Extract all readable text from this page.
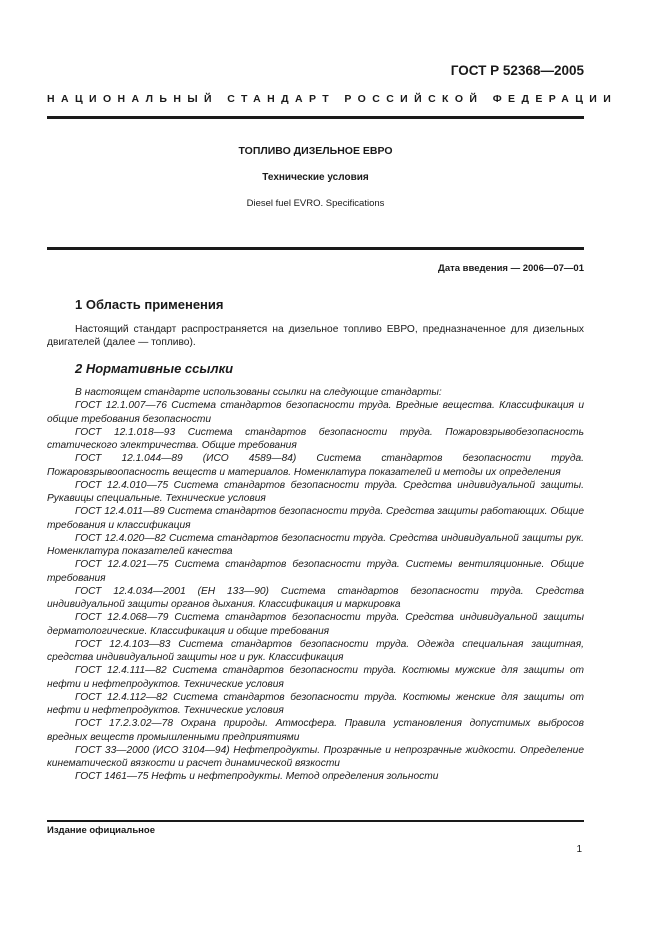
ГОСТ Р 52368—2005
НАЦИОНАЛЬНЫЙ СТАНДАРТ РОССИЙСКОЙ ФЕДЕРАЦИИ
ТОПЛИВО ДИЗЕЛЬНОЕ ЕВРО
Технические условия
Diesel fuel EVRO. Specifications
Дата введения — 2006—07—01
1 Область применения
Настоящий стандарт распространяется на дизельное топливо ЕВРО, предназначенное для дизельных двигателей (далее — топливо).
2 Нормативные ссылки

В настоящем стандарте использованы ссылки на следующие стандарты:

ГОСТ 12.1.007—76 Система стандартов безопасности труда. Вредные вещества. Классификация и общие требования безопасности

ГОСТ 12.1.018—93 Система стандартов безопасности труда. Пожаровзрывобезопасность статического электричества. Общие требования

ГОСТ 12.1.044—89 (ИСО 4589—84) Система стандартов безопасности труда. Пожаровзрывоопасность веществ и материалов. Номенклатура показателей и методы их определения

ГОСТ 12.4.010—75 Система стандартов безопасности труда. Средства индивидуальной защиты. Рукавицы специальные. Технические условия

ГОСТ 12.4.011—89 Система стандартов безопасности труда. Средства защиты работающих. Общие требования и классификация

ГОСТ 12.4.020—82 Система стандартов безопасности труда. Средства индивидуальной защиты рук. Номенклатура показателей качества

ГОСТ 12.4.021—75 Система стандартов безопасности труда. Системы вентиляционные. Общие требования

ГОСТ 12.4.034—2001 (ЕН 133—90) Система стандартов безопасности труда. Средства индивидуальной защиты органов дыхания. Классификация и маркировка

ГОСТ 12.4.068—79 Система стандартов безопасности труда. Средства индивидуальной защиты дерматологические. Классификация и общие требования

ГОСТ 12.4.103—83 Система стандартов безопасности труда. Одежда специальная защитная, средства индивидуальной защиты ног и рук. Классификация

ГОСТ 12.4.111—82 Система стандартов безопасности труда. Костюмы мужские для защиты от нефти и нефтепродуктов. Технические условия

ГОСТ 12.4.112—82 Система стандартов безопасности труда. Костюмы женские для защиты от нефти и нефтепродуктов. Технические условия

ГОСТ 17.2.3.02—78 Охрана природы. Атмосфера. Правила установления допустимых выбросов вредных веществ промышленными предприятиями

ГОСТ 33—2000 (ИСО 3104—94) Нефтепродукты. Прозрачные и непрозрачные жидкости. Определение кинематической вязкости и расчет динамической вязкости

ГОСТ 1461—75 Нефть и нефтепродукты. Метод определения зольности

Издание официальное
1
